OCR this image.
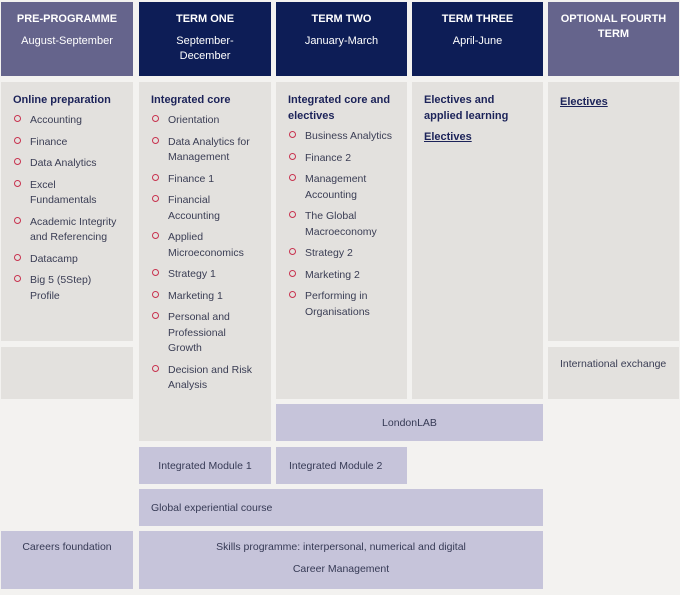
PRE-PROGRAMME
August-September
TERM ONE
September-December
TERM TWO
January-March
TERM THREE
April-June
OPTIONAL FOURTH TERM
Online preparation
Accounting
Finance
Data Analytics
Excel Fundamentals
Academic Integrity and Referencing
Datacamp
Big 5 (5Step) Profile
Integrated core
Orientation
Data Analytics for Management
Finance 1
Financial Accounting
Applied Microeconomics
Strategy 1
Marketing 1
Personal and Professional Growth
Decision and Risk Analysis
Integrated core and electives
Business Analytics
Finance 2
Management Accounting
The Global Macroeconomy
Strategy 2
Marketing 2
Performing in Organisations
Electives and applied learning
Electives
Electives
International exchange
LondonLAB
Integrated Module 1	Integrated Module 2
Global experiential course
Careers foundation	Skills programme: interpersonal, numerical and digital
Career Management
